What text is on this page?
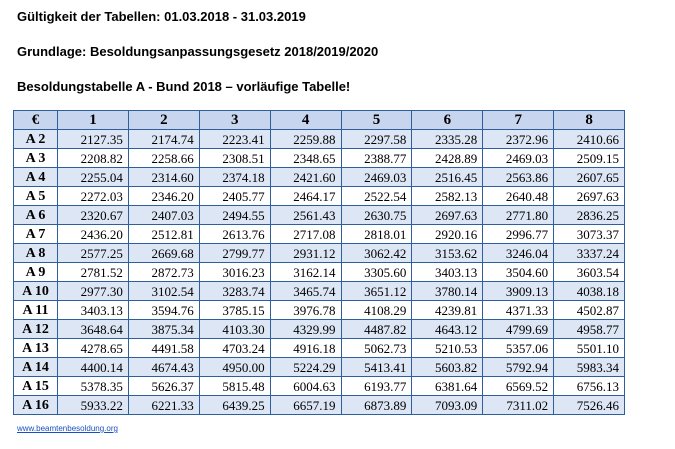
Gültigkeit der Tabellen: 01.03.2018 - 31.03.2019
Grundlage: Besoldungsanpassungsgesetz 2018/2019/2020
Besoldungstabelle A - Bund 2018 – vorläufige Tabelle!
€	1	2	3	4	5	6	7	8
A 2	2127.35	2174.74	2223.41	2259.88	2297.58	2335.28	2372.96	2410.66
A 3	2208.82	2258.66	2308.51	2348.65	2388.77	2428.89	2469.03	2509.15
A 4	2255.04	2314.60	2374.18	2421.60	2469.03	2516.45	2563.86	2607.65
A 5	2272.03	2346.20	2405.77	2464.17	2522.54	2582.13	2640.48	2697.63
A 6	2320.67	2407.03	2494.55	2561.43	2630.75	2697.63	2771.80	2836.25
A 7	2436.20	2512.81	2613.76	2717.08	2818.01	2920.16	2996.77	3073.37
A 8	2577.25	2669.68	2799.77	2931.12	3062.42	3153.62	3246.04	3337.24
A 9	2781.52	2872.73	3016.23	3162.14	3305.60	3403.13	3504.60	3603.54
A 10	2977.30	3102.54	3283.74	3465.74	3651.12	3780.14	3909.13	4038.18
A 11	3403.13	3594.76	3785.15	3976.78	4108.29	4239.81	4371.33	4502.87
A 12	3648.64	3875.34	4103.30	4329.99	4487.82	4643.12	4799.69	4958.77
A 13	4278.65	4491.58	4703.24	4916.18	5062.73	5210.53	5357.06	5501.10
A 14	4400.14	4674.43	4950.00	5224.29	5413.41	5603.82	5792.94	5983.34
A 15	5378.35	5626.37	5815.48	6004.63	6193.77	6381.64	6569.52	6756.13
A 16	5933.22	6221.33	6439.25	6657.19	6873.89	7093.09	7311.02	7526.46
www.beamtenbesoldung.org
